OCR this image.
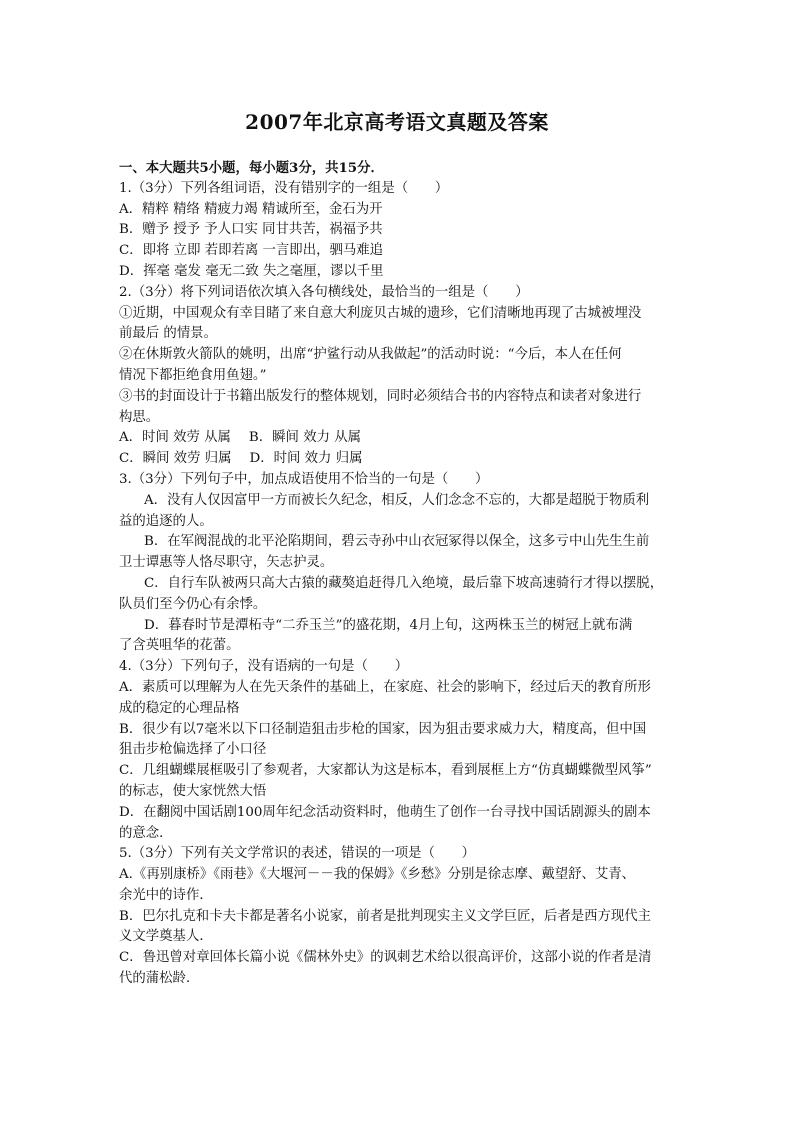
2007年北京高考语文真题及答案

一、本大题共5小题，每小题3分，共15分．

1.（3分）下列各组词语，没有错别字的一组是（　　）

A．精粹 精络 精疲力竭 精诚所至，金石为开

B．赠予 授予 予人口实 同甘共苦，祸福予共

C．即将 立即 若即若离 一言即出，驷马难追

D．挥毫 毫发 毫无二致 失之毫厘，谬以千里

2.（3分）将下列词语依次填入各句横线处，最恰当的一组是（　　）

①近期，中国观众有幸目睹了来自意大利庞贝古城的遗珍，它们清晰地再现了古城被埋没

前最后 的情景。

②在休斯敦火箭队的姚明，出席“护鲨行动从我做起”的活动时说：“今后，本人在任何

情况下都拒绝食用鱼翅。”

③书的封面设计于书籍出版发行的整体规划，同时必须结合书的内容特点和读者对象进行

构思。

A．时间 效劳 从属 B．瞬间 效力 从属
C．瞬间 效劳 归属 D．时间 效力 归属

3.（3分）下列句子中，加点成语使用不恰当的一句是（　　）

A．没有人仅因富甲一方而被长久纪念，相反，人们念念不忘的，大都是超脱于物质利

益的追逐的人。

B．在军阀混战的北平沦陷期间，碧云寺孙中山衣冠冢得以保全，这多亏中山先生生前

卫士谭惠等人恪尽职守，矢志护灵。

C．自行车队被两只高大古猿的藏獒追赶得几入绝境，最后靠下坡高速骑行才得以摆脱，

队员们至今仍心有余悸。

D．暮春时节是潭柘寺“二乔玉兰”的盛花期，4月上旬，这两株玉兰的树冠上就布满

了含英咀华的花蕾。

4.（3分）下列句子，没有语病的一句是（　　）

A．素质可以理解为人在先天条件的基础上，在家庭、社会的影响下，经过后天的教育所形

成的稳定的心理品格

B．很少有以7毫米以下口径制造狙击步枪的国家，因为狙击要求威力大，精度高，但中国

狙击步枪偏选择了小口径

C．几组蝴蝶展框吸引了参观者，大家都认为这是标本，看到展框上方“仿真蝴蝶微型风筝”

的标志，使大家恍然大悟

D．在翻阅中国话剧100周年纪念活动资料时，他萌生了创作一台寻找中国话剧源头的剧本

的意念．

5.（3分）下列有关文学常识的表述，错误的一项是（　　）

A.《再别康桥》《雨巷》《大堰河－－我的保姆》《乡愁》分别是徐志摩、戴望舒、艾青、

余光中的诗作．

B．巴尔扎克和卡夫卡都是著名小说家，前者是批判现实主义文学巨匠，后者是西方现代主

义文学奠基人．

C．鲁迅曾对章回体长篇小说《儒林外史》的讽刺艺术给以很高评价，这部小说的作者是清

代的蒲松龄．
